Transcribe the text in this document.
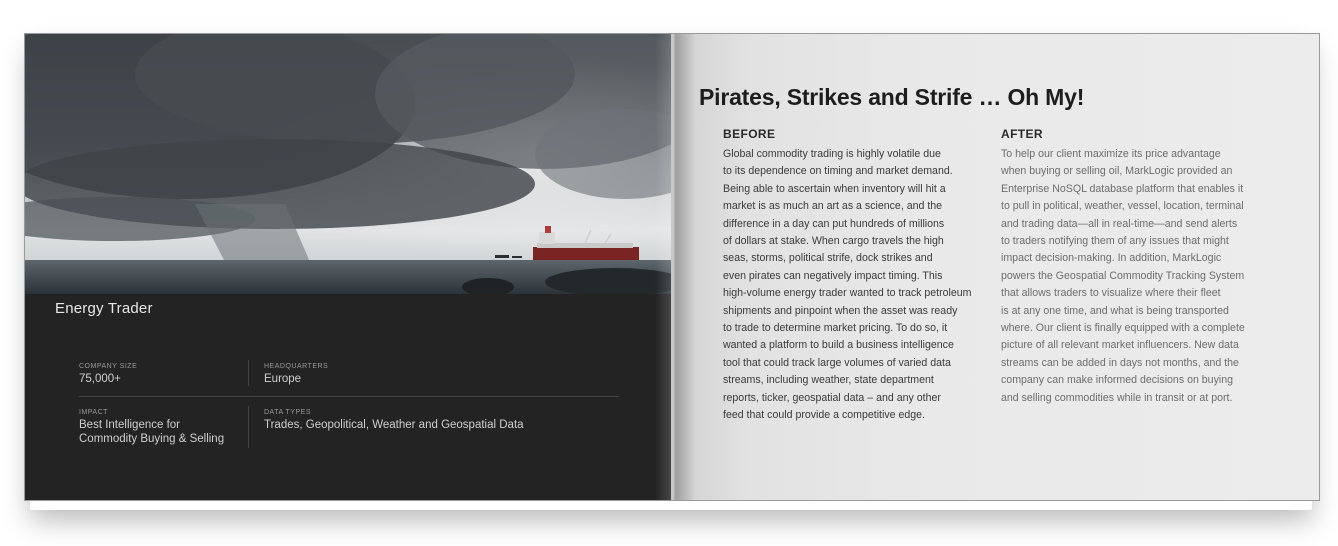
Energy Trader
COMPANY SIZE
75,000+
HEADQUARTERS
Europe
IMPACT
Best Intelligence for
Commodity Buying & Selling
DATA TYPES
Trades, Geopolitical, Weather and Geospatial Data
Pirates, Strikes and Strife … Oh My!
BEFORE	AFTER

Global commodity trading is highly volatile due
to its dependence on timing and market demand.
Being able to ascertain when inventory will hit a
market is as much an art as a science, and the
difference in a day can put hundreds of millions
of dollars at stake. When cargo travels the high
seas, storms, political strife, dock strikes and
even pirates can negatively impact timing. This
high-volume energy trader wanted to track petroleum
shipments and pinpoint when the asset was ready
to trade to determine market pricing. To do so, it
wanted a platform to build a business intelligence
tool that could track large volumes of varied data
streams, including weather, state department
reports, ticker, geospatial data – and any other
feed that could provide a competitive edge.

To help our client maximize its price advantage
when buying or selling oil, MarkLogic provided an
Enterprise NoSQL database platform that enables it
to pull in political, weather, vessel, location, terminal
and trading data—all in real-time—and send alerts
to traders notifying them of any issues that might
impact decision-making. In addition, MarkLogic
powers the Geospatial Commodity Tracking System
that allows traders to visualize where their fleet
is at any one time, and what is being transported
where. Our client is finally equipped with a complete
picture of all relevant market influencers. New data
streams can be added in days not months, and the
company can make informed decisions on buying
and selling commodities while in transit or at port.
